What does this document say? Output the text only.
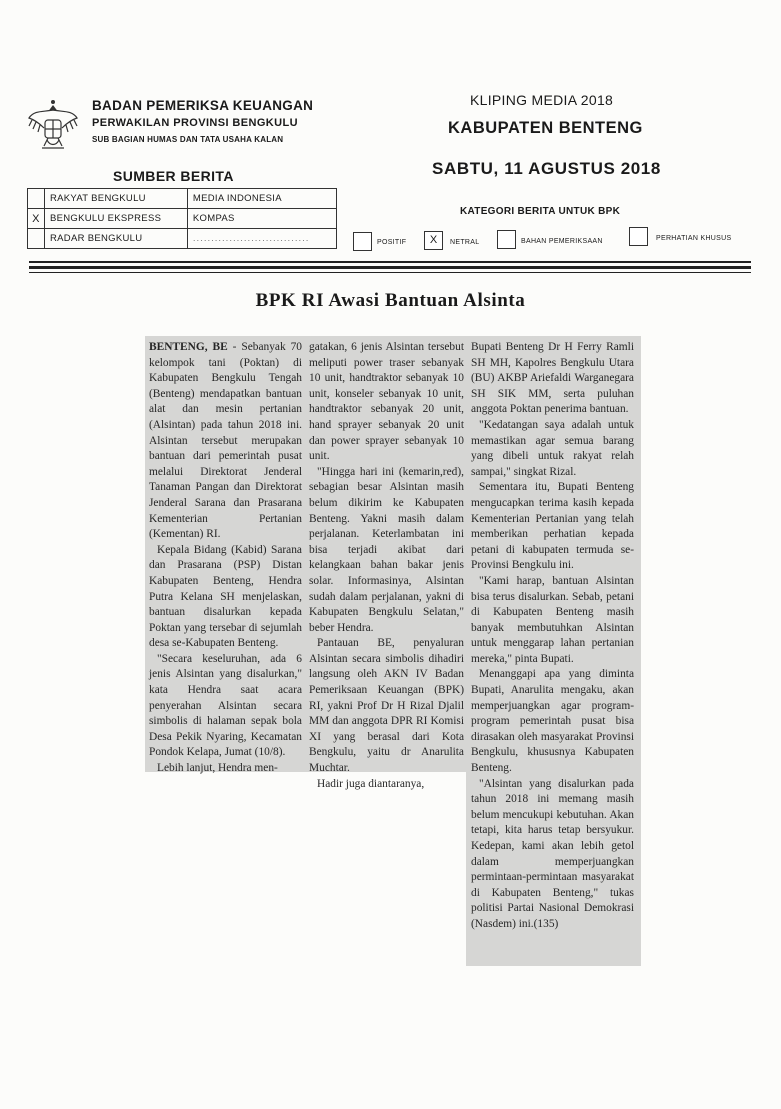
BADAN PEMERIKSA KEUANGAN
PERWAKILAN PROVINSI BENGKULU
SUB BAGIAN HUMAS DAN TATA USAHA KALAN
KLIPING MEDIA 2018
KABUPATEN BENTENG
SABTU, 11 AGUSTUS 2018
SUMBER BERITA
	RAKYAT BENGKULU	MEDIA INDONESIA
X	BENGKULU EKSPRESS	KOMPAS
	RADAR BENGKULU	................................
KATEGORI BERITA UNTUK BPK
POSITIF	X	NETRAL	BAHAN PEMERIKSAAN	PERHATIAN KHUSUS
BPK RI Awasi Bantuan Alsinta

BENTENG, BE - Sebanyak 70 kelompok tani (Poktan) di Kabupaten Bengkulu Tengah (Benteng) mendapatkan bantuan alat dan mesin pertanian (Alsintan) pada tahun 2018 ini. Alsintan tersebut merupakan bantuan dari pemerintah pusat melalui Direktorat Jenderal Tanaman Pangan dan Direktorat Jenderal Sarana dan Prasarana Kementerian Pertanian (Kementan) RI.

Kepala Bidang (Kabid) Sarana dan Prasarana (PSP) Distan Kabupaten Benteng, Hendra Putra Kelana SH menjelaskan, bantuan disalurkan kepada Poktan yang tersebar di sejumlah desa se-Kabupaten Benteng.

"Secara keseluruhan, ada 6 jenis Alsintan yang disalurkan," kata Hendra saat acara penyerahan Alsintan secara simbolis di halaman sepak bola Desa Pekik Nyaring, Kecamatan Pondok Kelapa, Jumat (10/8).

Lebih lanjut, Hendra men-

gatakan, 6 jenis Alsintan tersebut meliputi power traser sebanyak 10 unit, handtraktor sebanyak 10 unit, konseler sebanyak 10 unit, handtraktor sebanyak 20 unit, hand sprayer sebanyak 20 unit dan power sprayer sebanyak 10 unit.

"Hingga hari ini (kemarin,red), sebagian besar Alsintan masih belum dikirim ke Kabupaten Benteng. Yakni masih dalam perjalanan. Keterlambatan ini bisa terjadi akibat dari kelangkaan bahan bakar jenis solar. Informasinya, Alsintan sudah dalam perjalanan, yakni di Kabupaten Bengkulu Selatan," beber Hendra.

Pantauan BE, penyaluran Alsintan secara simbolis dihadiri langsung oleh AKN IV Badan Pemeriksaan Keuangan (BPK) RI, yakni Prof Dr H Rizal Djalil MM dan anggota DPR RI Komisi XI yang berasal dari Kota Bengkulu, yaitu dr Anarulita Muchtar.

Hadir juga diantaranya,

Bupati Benteng Dr H Ferry Ramli SH MH, Kapolres Bengkulu Utara (BU) AKBP Ariefaldi Warganegara SH SIK MM, serta puluhan anggota Poktan penerima bantuan.

"Kedatangan saya adalah untuk memastikan agar semua barang yang dibeli untuk rakyat relah sampai," singkat Rizal.

Sementara itu, Bupati Benteng mengucapkan terima kasih kepada Kementerian Pertanian yang telah memberikan perhatian kepada petani di kabupaten termuda se-Provinsi Bengkulu ini.

"Kami harap, bantuan Alsintan bisa terus disalurkan. Sebab, petani di Kabupaten Benteng masih banyak membutuhkan Alsintan untuk menggarap lahan pertanian mereka," pinta Bupati.

Menanggapi apa yang diminta Bupati, Anarulita mengaku, akan memperjuangkan agar program-program pemerintah pusat bisa dirasakan oleh masyarakat Provinsi Bengkulu, khususnya Kabupaten Benteng.

"Alsintan yang disalurkan pada tahun 2018 ini memang masih belum mencukupi kebutuhan. Akan tetapi, kita harus tetap bersyukur. Kedepan, kami akan lebih getol dalam memperjuangkan permintaan-permintaan masyarakat di Kabupaten Benteng," tukas politisi Partai Nasional Demokrasi (Nasdem) ini.(135)
